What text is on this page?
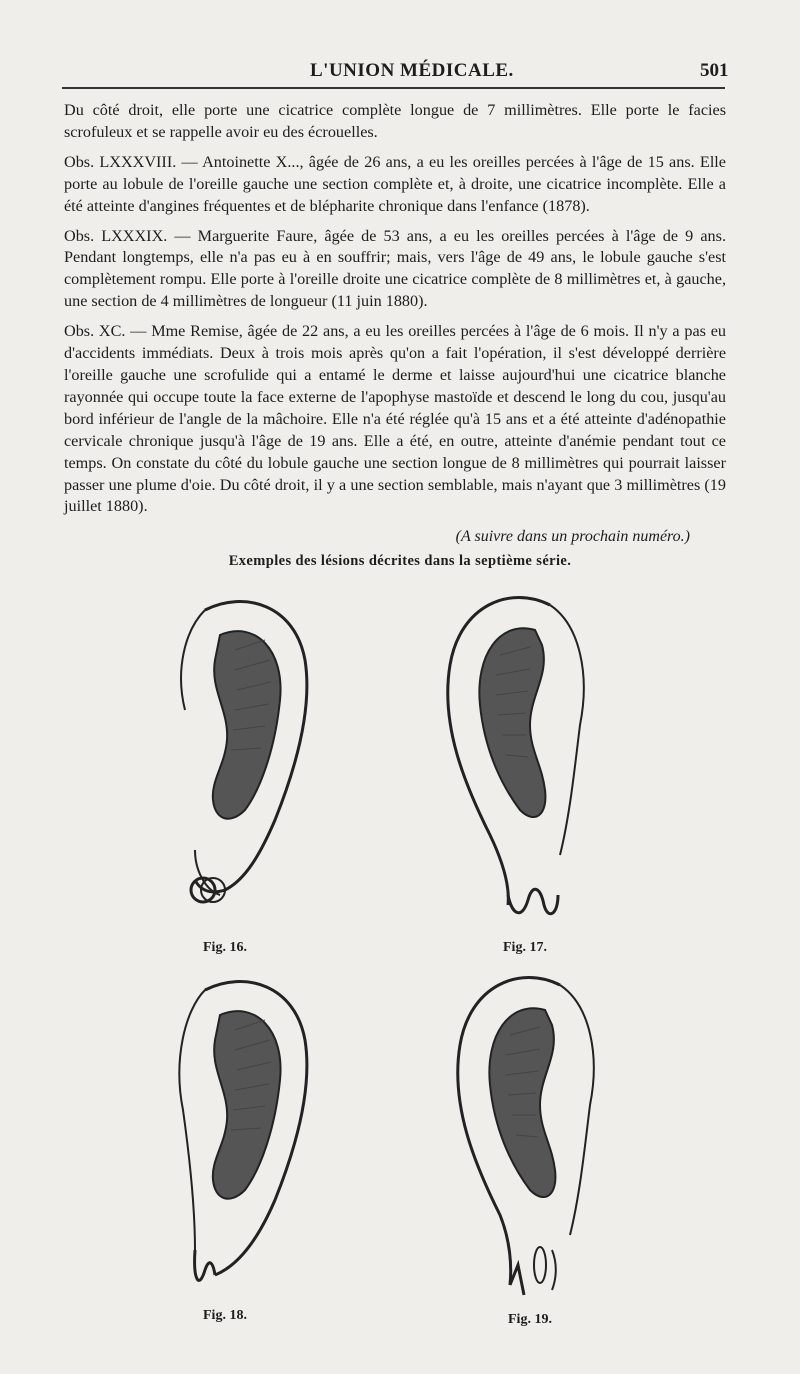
L'UNION MÉDICALE.	501

Du côté droit, elle porte une cicatrice complète longue de 7 millimètres. Elle porte le facies scrofuleux et se rappelle avoir eu des écrouelles.

Obs. LXXXVIII. — Antoinette X..., âgée de 26 ans, a eu les oreilles percées à l'âge de 15 ans. Elle porte au lobule de l'oreille gauche une section complète et, à droite, une cicatrice incomplète. Elle a été atteinte d'angines fréquentes et de blépharite chronique dans l'enfance (1878).

Obs. LXXXIX. — Marguerite Faure, âgée de 53 ans, a eu les oreilles percées à l'âge de 9 ans. Pendant longtemps, elle n'a pas eu à en souffrir; mais, vers l'âge de 49 ans, le lobule gauche s'est complètement rompu. Elle porte à l'oreille droite une cicatrice complète de 8 millimètres et, à gauche, une section de 4 millimètres de longueur (11 juin 1880).

Obs. XC. — Mme Remise, âgée de 22 ans, a eu les oreilles percées à l'âge de 6 mois. Il n'y a pas eu d'accidents immédiats. Deux à trois mois après qu'on a fait l'opération, il s'est développé derrière l'oreille gauche une scrofulide qui a entamé le derme et laisse aujourd'hui une cicatrice blanche rayonnée qui occupe toute la face externe de l'apophyse mastoïde et descend le long du cou, jusqu'au bord inférieur de l'angle de la mâchoire. Elle n'a été réglée qu'à 15 ans et a été atteinte d'adénopathie cervicale chronique jusqu'à l'âge de 19 ans. Elle a été, en outre, atteinte d'anémie pendant tout ce temps. On constate du côté du lobule gauche une section longue de 8 millimètres qui pourrait laisser passer une plume d'oie. Du côté droit, il y a une section semblable, mais n'ayant que 3 millimètres (19 juillet 1880).

(A suivre dans un prochain numéro.)
Exemples des lésions décrites dans la septième série.
Fig. 16.	Fig. 17.
Fig. 18.	Fig. 19.
